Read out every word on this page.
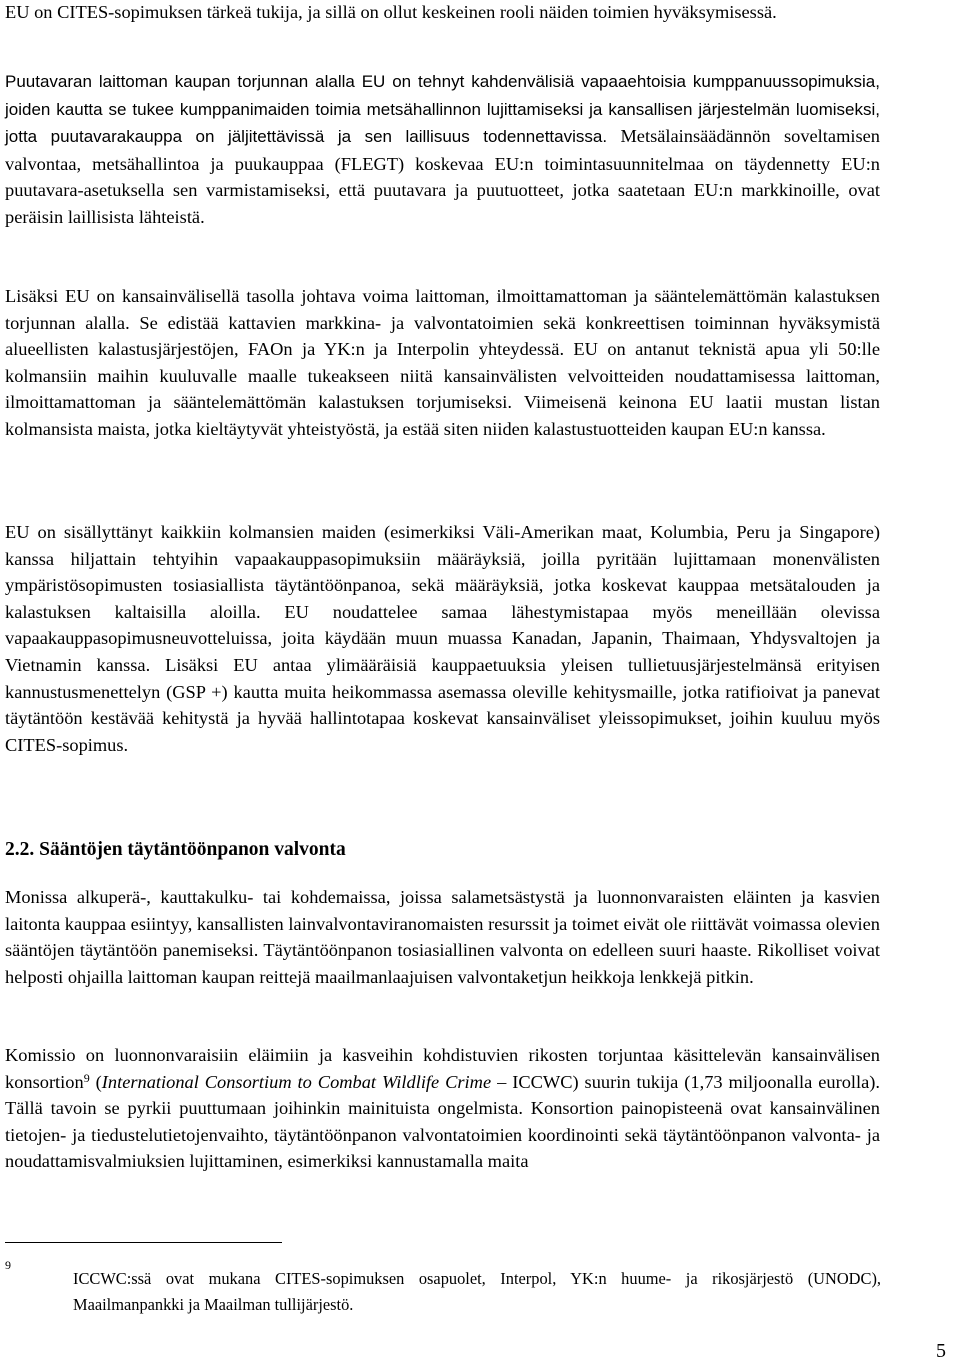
EU on CITES-sopimuksen tärkeä tukija, ja sillä on ollut keskeinen rooli näiden toimien hyväksymisessä.

Puutavaran laittoman kaupan torjunnan alalla EU on tehnyt kahdenvälisiä vapaaehtoisia kumppanuussopimuksia, joiden kautta se tukee kumppanimaiden toimia metsähallinnon lujittamiseksi ja kansallisen järjestelmän luomiseksi, jotta puutavarakauppa on jäljitettävissä ja sen laillisuus todennettavissa. Metsälainsäädännön soveltamisen valvontaa, metsähallintoa ja puukauppaa (FLEGT) koskevaa EU:n toimintasuunnitelmaa on täydennetty EU:n puutavara-asetuksella sen varmistamiseksi, että puutavara ja puutuotteet, jotka saatetaan EU:n markkinoille, ovat peräisin laillisista lähteistä.

Lisäksi EU on kansainvälisellä tasolla johtava voima laittoman, ilmoittamattoman ja sääntelemättömän kalastuksen torjunnan alalla. Se edistää kattavien markkina- ja valvontatoimien sekä konkreettisen toiminnan hyväksymistä alueellisten kalastusjärjestöjen, FAOn ja YK:n ja Interpolin yhteydessä. EU on antanut teknistä apua yli 50:lle kolmansiin maihin kuuluvalle maalle tukeakseen niitä kansainvälisten velvoitteiden noudattamisessa laittoman, ilmoittamattoman ja sääntelemättömän kalastuksen torjumiseksi. Viimeisenä keinona EU laatii mustan listan kolmansista maista, jotka kieltäytyvät yhteistyöstä, ja estää siten niiden kalastustuotteiden kaupan EU:n kanssa.

EU on sisällyttänyt kaikkiin kolmansien maiden (esimerkiksi Väli-Amerikan maat, Kolumbia, Peru ja Singapore) kanssa hiljattain tehtyihin vapaakauppasopimuksiin määräyksiä, joilla pyritään lujittamaan monenvälisten ympäristösopimusten tosiasiallista täytäntöönpanoa, sekä määräyksiä, jotka koskevat kauppaa metsätalouden ja kalastuksen kaltaisilla aloilla. EU noudattelee samaa lähestymistapaa myös meneillään olevissa vapaakauppasopimusneuvotteluissa, joita käydään muun muassa Kanadan, Japanin, Thaimaan, Yhdysvaltojen ja Vietnamin kanssa. Lisäksi EU antaa ylimääräisiä kauppaetuuksia yleisen tullietuusjärjestelmänsä erityisen kannustusmenettelyn (GSP +) kautta muita heikommassa asemassa oleville kehitysmaille, jotka ratifioivat ja panevat täytäntöön kestävää kehitystä ja hyvää hallintotapaa koskevat kansainväliset yleissopimukset, joihin kuuluu myös CITES-sopimus.

2.2. Sääntöjen täytäntöönpanon valvonta

Monissa alkuperä-, kauttakulku- tai kohdemaissa, joissa salametsästystä ja luonnonvaraisten eläinten ja kasvien laitonta kauppaa esiintyy, kansallisten lainvalvontaviranomaisten resurssit ja toimet eivät ole riittävät voimassa olevien sääntöjen täytäntöön panemiseksi. Täytäntöönpanon tosiasiallinen valvonta on edelleen suuri haaste. Rikolliset voivat helposti ohjailla laittoman kaupan reittejä maailmanlaajuisen valvontaketjun heikkoja lenkkejä pitkin.

Komissio on luonnonvaraisiin eläimiin ja kasveihin kohdistuvien rikosten torjuntaa käsittelevän kansainvälisen konsortion$^9$ (International Consortium to Combat Wildlife Crime – ICCWC) suurin tukija (1,73 miljoonalla eurolla). Tällä tavoin se pyrkii puuttumaan joihinkin mainituista ongelmista. Konsortion painopisteenä ovat kansainvälinen tietojen- ja tiedustelutietojenvaihto, täytäntöönpanon valvontatoimien koordinointi sekä täytäntöönpanon valvonta- ja noudattamisvalmiuksien lujittaminen, esimerkiksi kannustamalla maita

9

ICCWC:ssä ovat mukana CITES-sopimuksen osapuolet, Interpol, YK:n huume- ja rikosjärjestö (UNODC), Maailmanpankki ja Maailman tullijärjestö.

5
